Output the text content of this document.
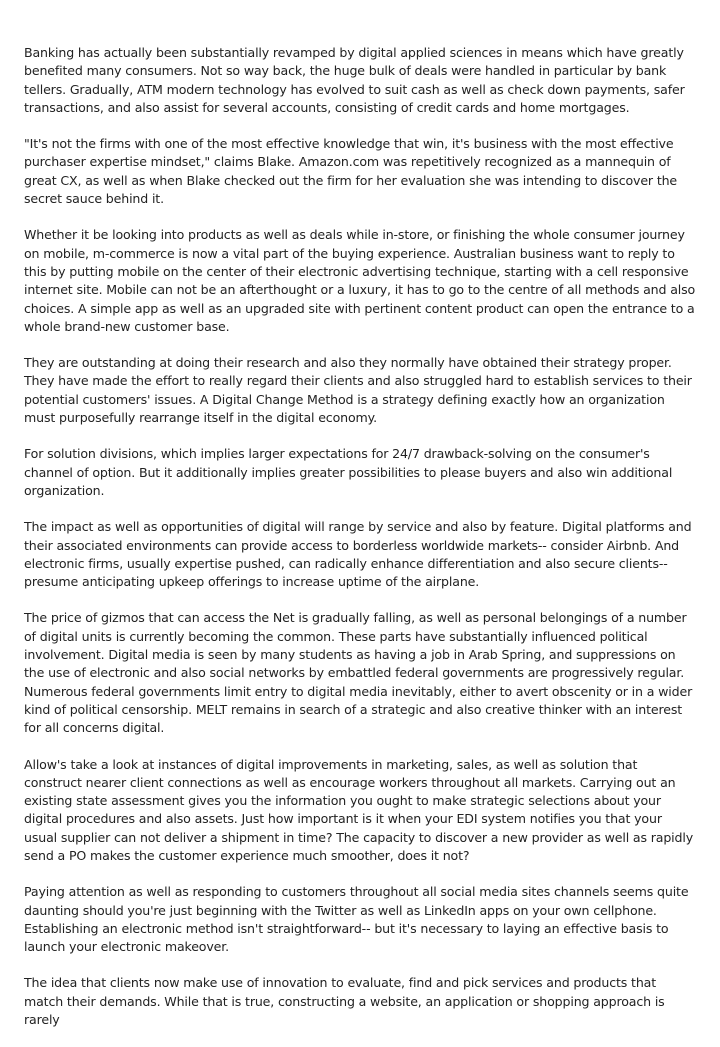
Banking has actually been substantially revamped by digital applied sciences in means which have greatly benefited many consumers. Not so way back, the huge bulk of deals were handled in particular by bank tellers. Gradually, ATM modern technology has evolved to suit cash as well as check down payments, safer transactions, and also assist for several accounts, consisting of credit cards and home mortgages.

"It's not the firms with one of the most effective knowledge that win, it's business with the most effective purchaser expertise mindset," claims Blake. Amazon.com was repetitively recognized as a mannequin of great CX, as well as when Blake checked out the firm for her evaluation she was intending to discover the secret sauce behind it.

Whether it be looking into products as well as deals while in-store, or finishing the whole consumer journey on mobile, m-commerce is now a vital part of the buying experience. Australian business want to reply to this by putting mobile on the center of their electronic advertising technique, starting with a cell responsive internet site. Mobile can not be an afterthought or a luxury, it has to go to the centre of all methods and also choices. A simple app as well as an upgraded site with pertinent content product can open the entrance to a whole brand-new customer base.

They are outstanding at doing their research and also they normally have obtained their strategy proper. They have made the effort to really regard their clients and also struggled hard to establish services to their potential customers' issues. A Digital Change Method is a strategy defining exactly how an organization must purposefully rearrange itself in the digital economy.

For solution divisions, which implies larger expectations for 24/7 drawback-solving on the consumer's channel of option. But it additionally implies greater possibilities to please buyers and also win additional organization.

The impact as well as opportunities of digital will range by service and also by feature. Digital platforms and their associated environments can provide access to borderless worldwide markets-- consider Airbnb. And electronic firms, usually expertise pushed, can radically enhance differentiation and also secure clients-- presume anticipating upkeep offerings to increase uptime of the airplane.

The price of gizmos that can access the Net is gradually falling, as well as personal belongings of a number of digital units is currently becoming the common. These parts have substantially influenced political involvement. Digital media is seen by many students as having a job in Arab Spring, and suppressions on the use of electronic and also social networks by embattled federal governments are progressively regular. Numerous federal governments limit entry to digital media inevitably, either to avert obscenity or in a wider kind of political censorship. MELT remains in search of a strategic and also creative thinker with an interest for all concerns digital.

Allow's take a look at instances of digital improvements in marketing, sales, as well as solution that construct nearer client connections as well as encourage workers throughout all markets. Carrying out an existing state assessment gives you the information you ought to make strategic selections about your digital procedures and also assets. Just how important is it when your EDI system notifies you that your usual supplier can not deliver a shipment in time? The capacity to discover a new provider as well as rapidly send a PO makes the customer experience much smoother, does it not?

Paying attention as well as responding to customers throughout all social media sites channels seems quite daunting should you're just beginning with the Twitter as well as LinkedIn apps on your own cellphone. Establishing an electronic method isn't straightforward-- but it's necessary to laying an effective basis to launch your electronic makeover.

The idea that clients now make use of innovation to evaluate, find and pick services and products that match their demands. While that is true, constructing a website, an application or shopping approach is rarely
